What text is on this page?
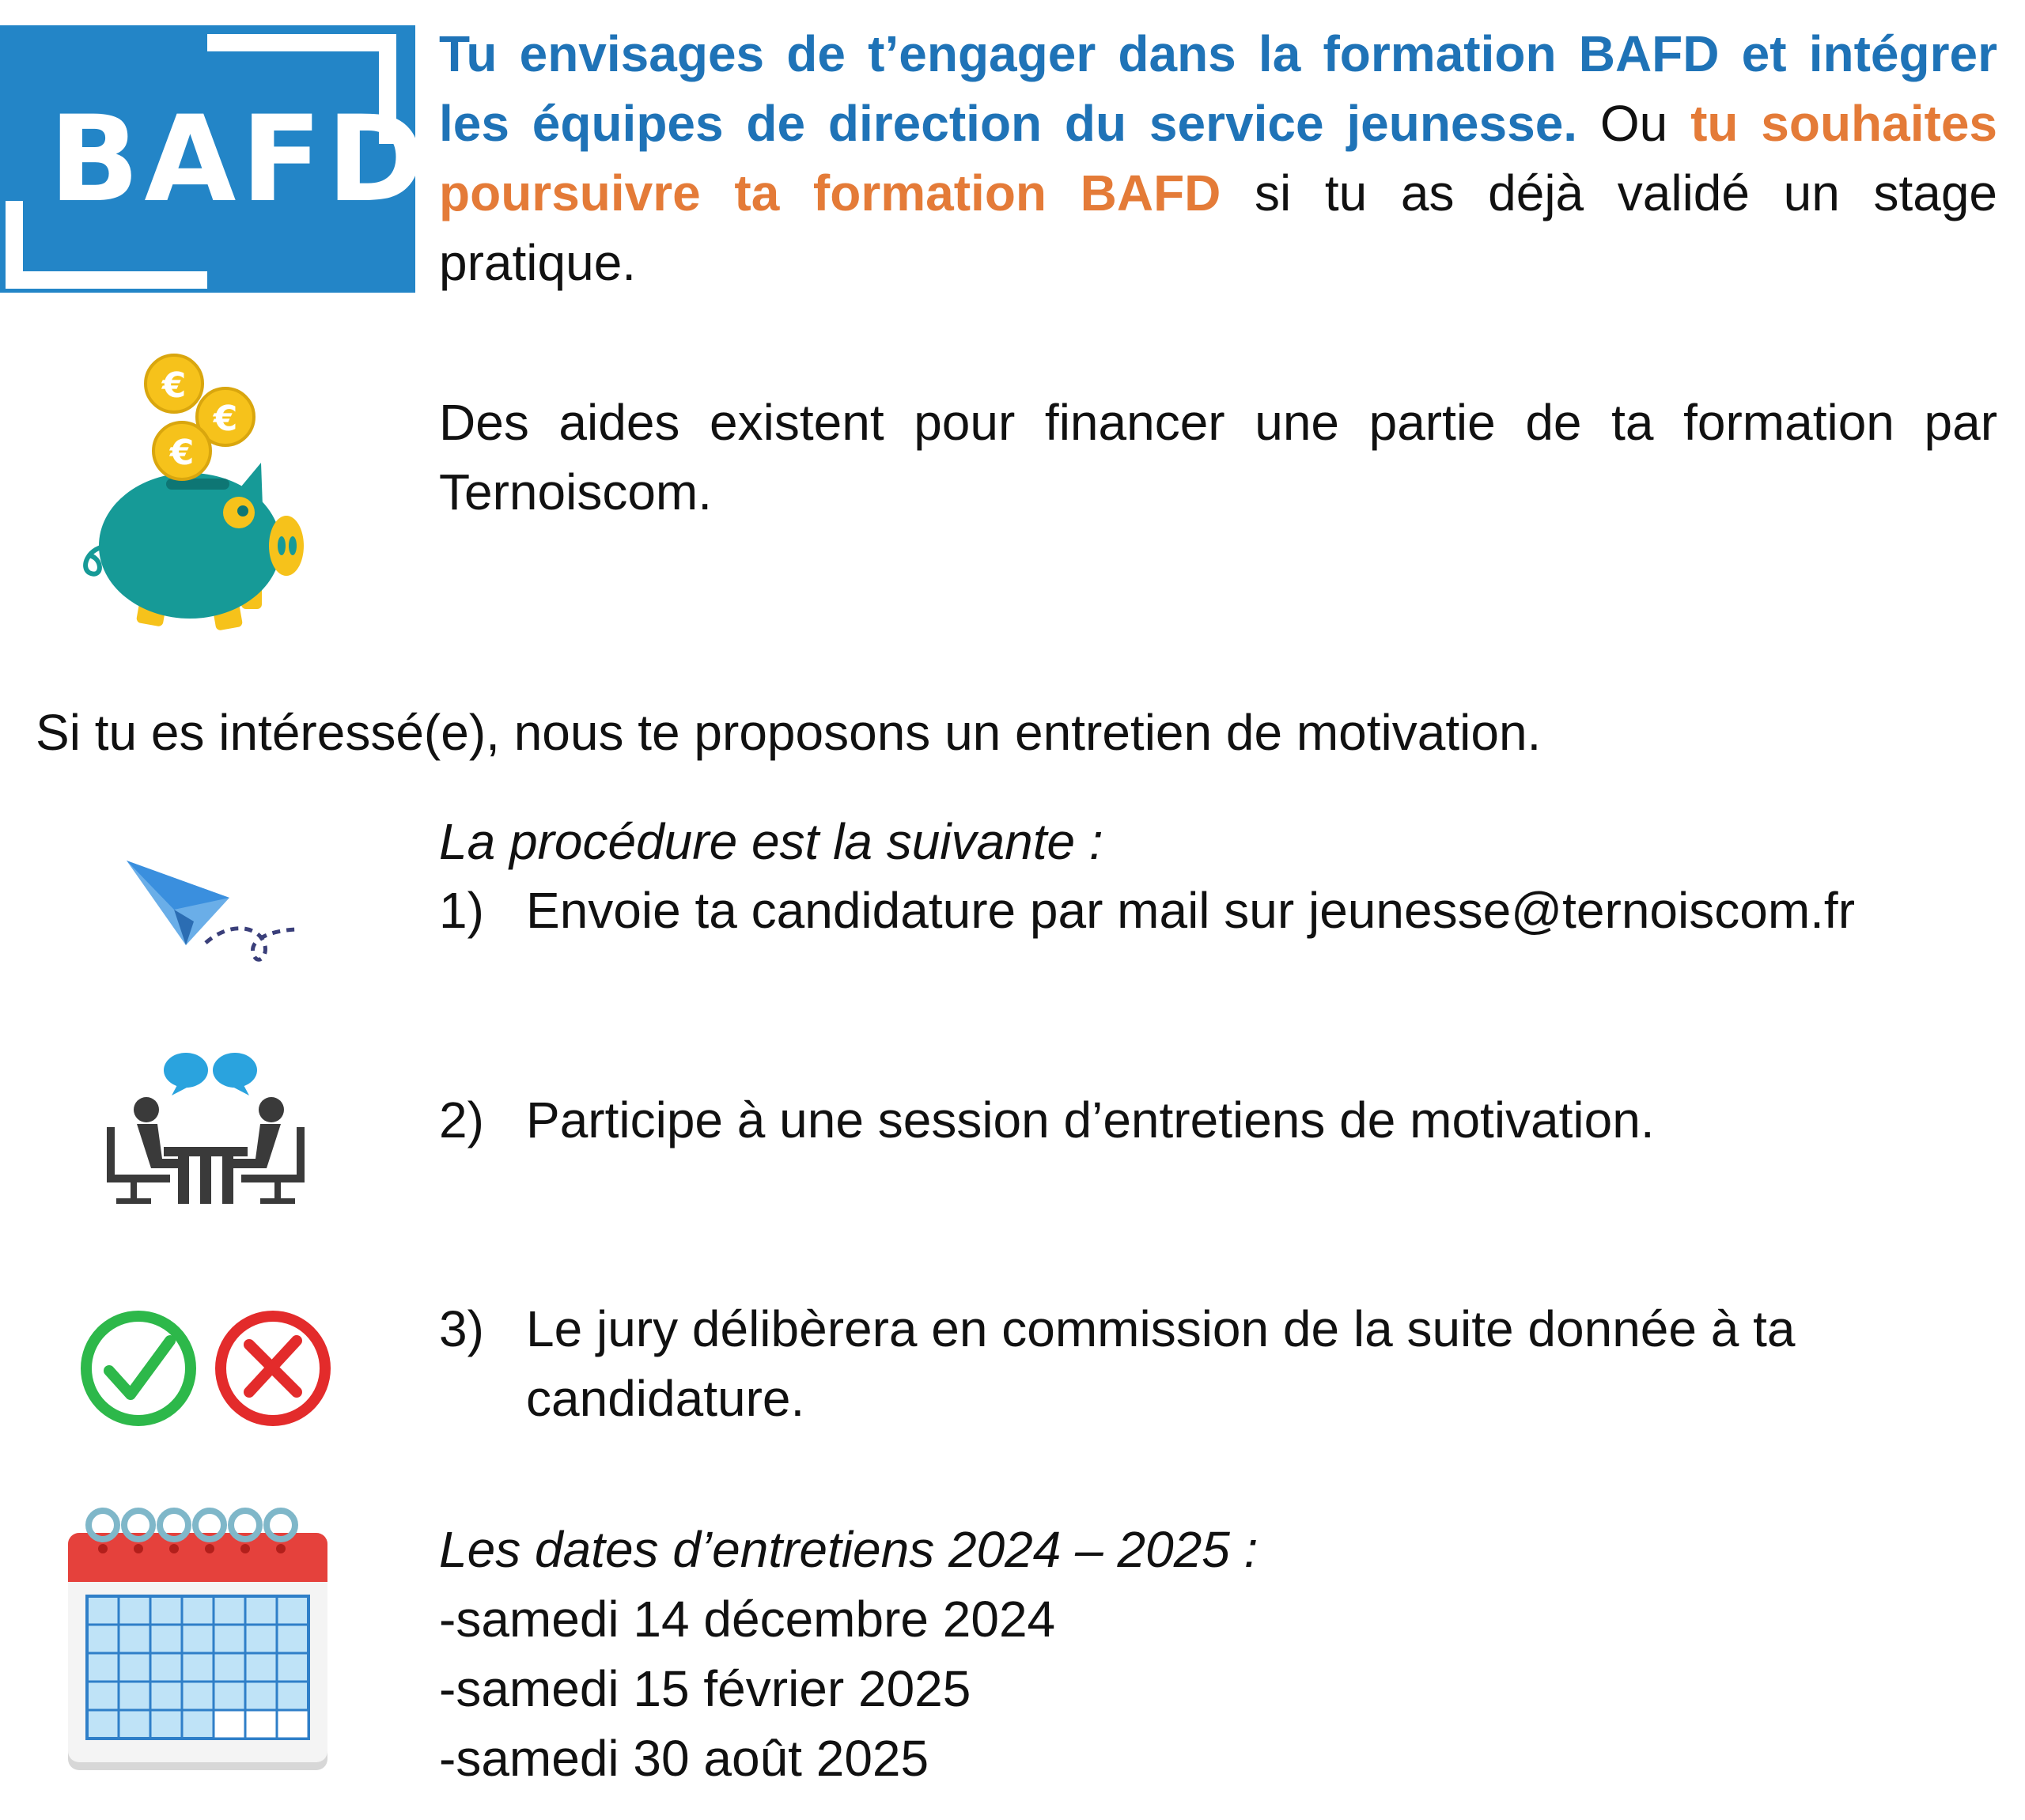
BAFD
Tu envisages de t’engager dans la formation BAFD et intégrer les équipes de direction du service jeunesse. Ou tu souhaites poursuivre ta formation BAFD si tu as déjà validé un stage pratique.
€
€
€
Des aides existent pour financer une partie de ta formation par Ternoiscom.
Si tu es intéressé(e), nous te proposons un entretien de motivation.
La procédure est la suivante :
1) Envoie ta candidature par mail sur jeunesse@ternoiscom.fr
2) Participe à une session d’entretiens de motivation.

3) Le jury délibèrera en commission de la suite donnée à ta

candidature.

Les dates d’entretiens 2024 – 2025 :

-samedi 14 décembre 2024

-samedi 15 février 2025

-samedi 30 août 2025
